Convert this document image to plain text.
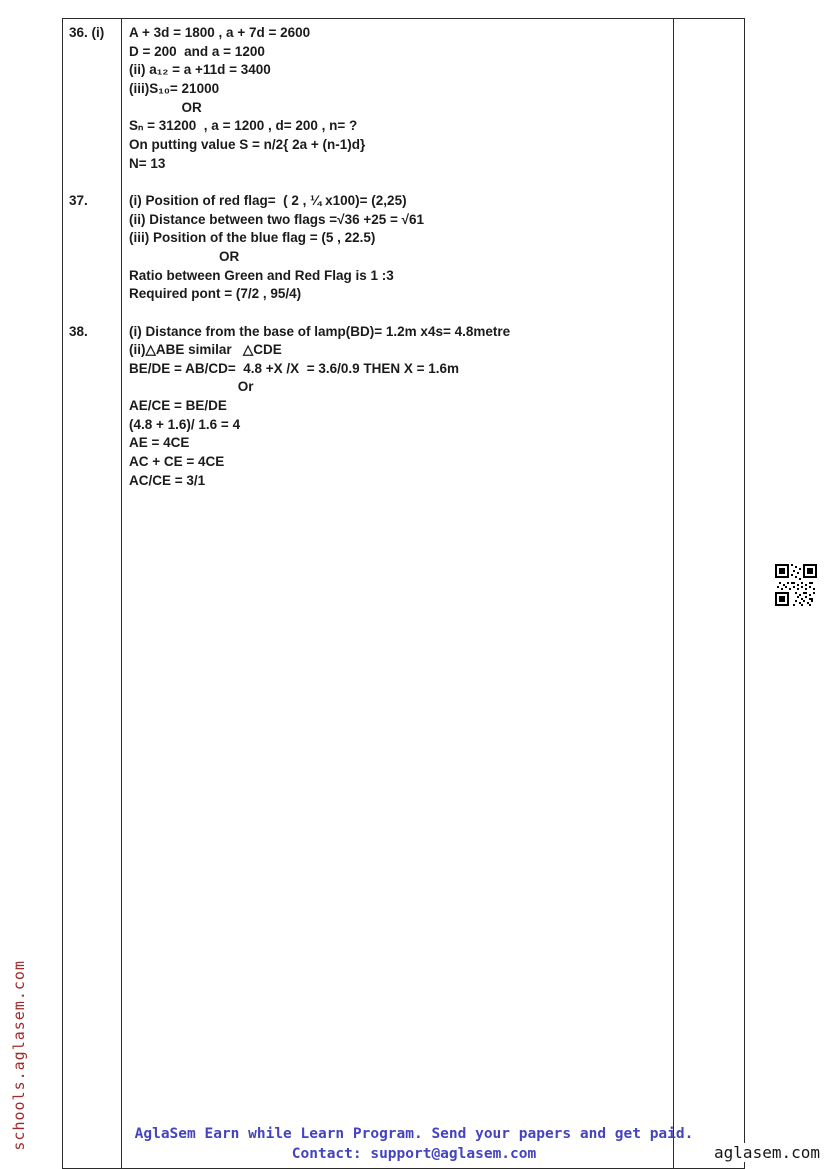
36. (i)	A + 3d = 1800 , a + 7d = 2600
D = 200  and a = 1200
(ii) a₁₂ = a +11d = 3400
(iii)S₁₀= 21000
OR
Sₙ = 31200  , a = 1200 , d= 200 , n= ?
On putting value S = n/2{ 2a + (n-1)d}
N= 13
37.	(i) Position of red flag=  ( 2 , ¼ x100)= (2,25)
(ii) Distance between two flags =√36 +25 = √61
(iii) Position of the blue flag = (5 , 22.5)
OR
Ratio between Green and Red Flag is 1 :3
Required pont = (7/2 , 95/4)
38.	(i) Distance from the base of lamp(BD)= 1.2m x4s= 4.8metre
(ii)△ABE similar   △CDE
BE/DE = AB/CD=  4.8 +X /X  = 3.6/0.9 THEN X = 1.6m
Or
AE/CE = BE/DE
(4.8 + 1.6)/ 1.6 = 4
AE = 4CE
AC + CE = 4CE
AC/CE = 3/1
schools.aglasem.com	AglaSem Earn while Learn Program. Send your papers and get paid.
Contact: support@aglasem.com	aglasem.com
